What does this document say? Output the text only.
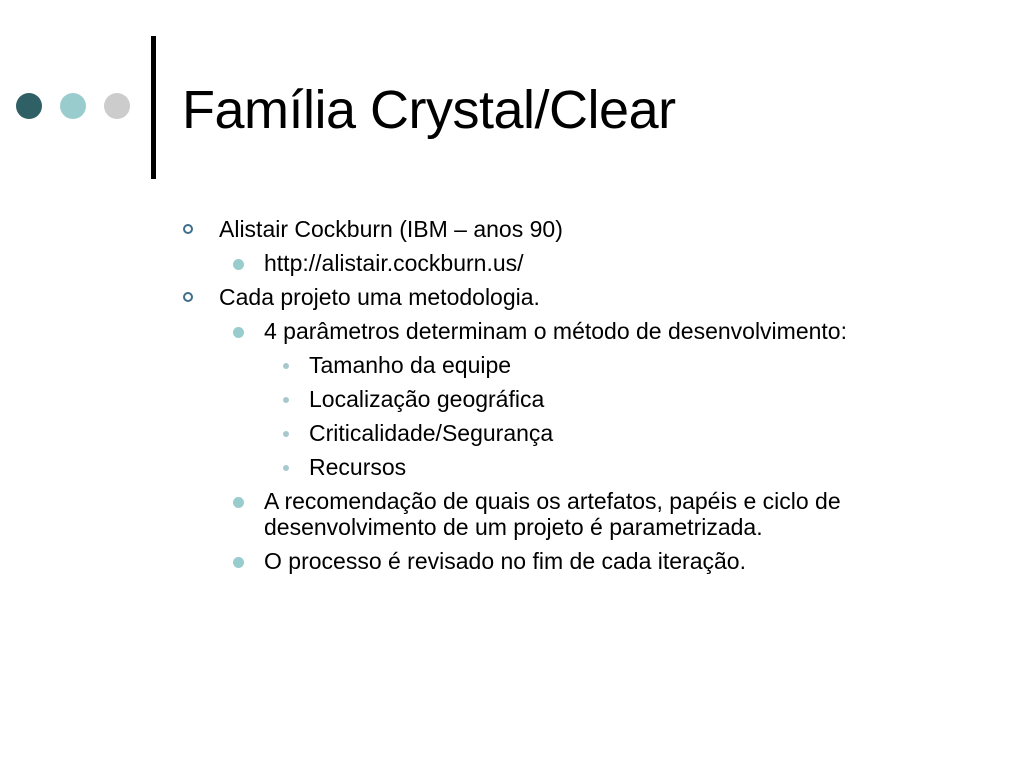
Família Crystal/Clear
Alistair Cockburn (IBM – anos 90)
http://alistair.cockburn.us/
Cada projeto uma metodologia.
4 parâmetros determinam o método de desenvolvimento:
Tamanho da equipe
Localização geográfica
Criticalidade/Segurança
Recursos
A recomendação de quais os artefatos, papéis e ciclo de
desenvolvimento de um projeto é parametrizada.
O processo é revisado no fim de cada iteração.
